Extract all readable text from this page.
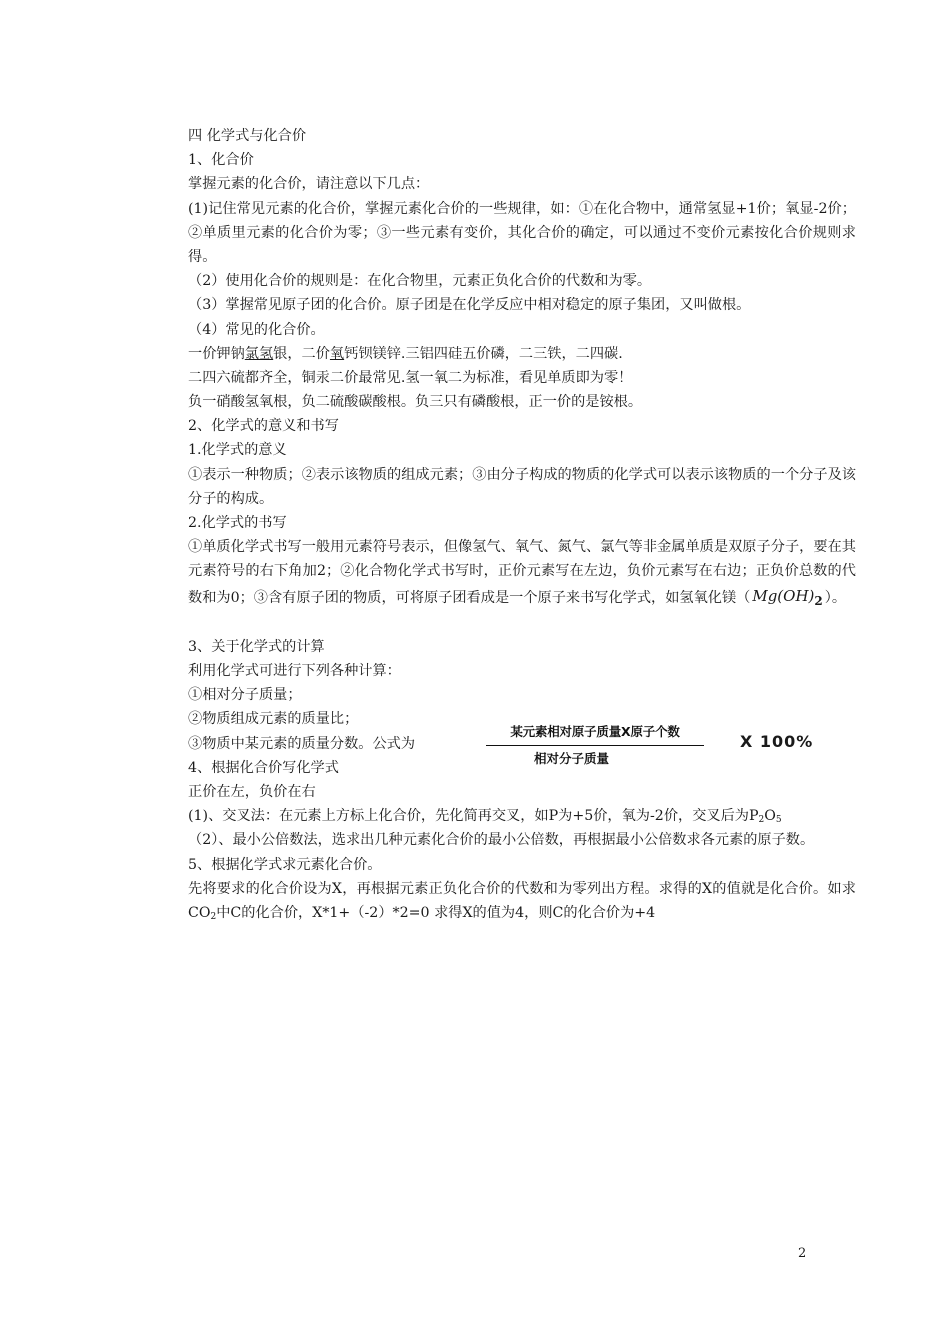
四 化学式与化合价
1、化合价
掌握元素的化合价，请注意以下几点：
(1)记住常见元素的化合价，掌握元素化合价的一些规律，如：①在化合物中，通常氢显+1价；氧显-2价；②单质里元素的化合价为零；③一些元素有变价，其化合价的确定，可以通过不变价元素按化合价规则求得。
（2）使用化合价的规则是：在化合物里，元素正负化合价的代数和为零。
（3）掌握常见原子团的化合价。原子团是在化学反应中相对稳定的原子集团，又叫做根。
（4）常见的化合价。
一价钾钠氯氢银，二价氧钙钡镁锌.三铝四硅五价磷，二三铁，二四碳.
二四六硫都齐全，铜汞二价最常见.氢一氧二为标准，看见单质即为零！
负一硝酸氢氧根，负二硫酸碳酸根。负三只有磷酸根，正一价的是铵根。
2、化学式的意义和书写
1.化学式的意义
①表示一种物质；②表示该物质的组成元素；③由分子构成的物质的化学式可以表示该物质的一个分子及该分子的构成。
2.化学式的书写
①单质化学式书写一般用元素符号表示，但像氢气、氧气、氮气、氯气等非金属单质是双原子分子，要在其元素符号的右下角加2；②化合物化学式书写时，正价元素写在左边，负价元素写在右边；正负价总数的代数和为0；③含有原子团的物质，可将原子团看成是一个原子来书写化学式，如氢氧化镁（ $Mg(OH)_2$ ）。
3、关于化学式的计算
利用化学式可进行下列各种计算：
①相对分子质量；
②物质组成元素的质量比；
③物质中某元素的质量分数。公式为
某元素相对原子质量X原子个数
相对分子质量
X 100%
4、根据化合价写化学式
正价在左，负价在右
(1)、交叉法：在元素上方标上化合价，先化简再交叉，如P为+5价，氧为-2价，交叉后为$P_2O_5$
（2）、最小公倍数法，选求出几种元素化合价的最小公倍数，再根据最小公倍数求各元素的原子数。
5、根据化学式求元素化合价。
先将要求的化合价设为X，再根据元素正负化合价的代数和为零列出方程。求得的X的值就是化合价。如求$CO_2$中C的化合价，X*1+（-2）*2=0 求得X的值为4，则C的化合价为+4
2
